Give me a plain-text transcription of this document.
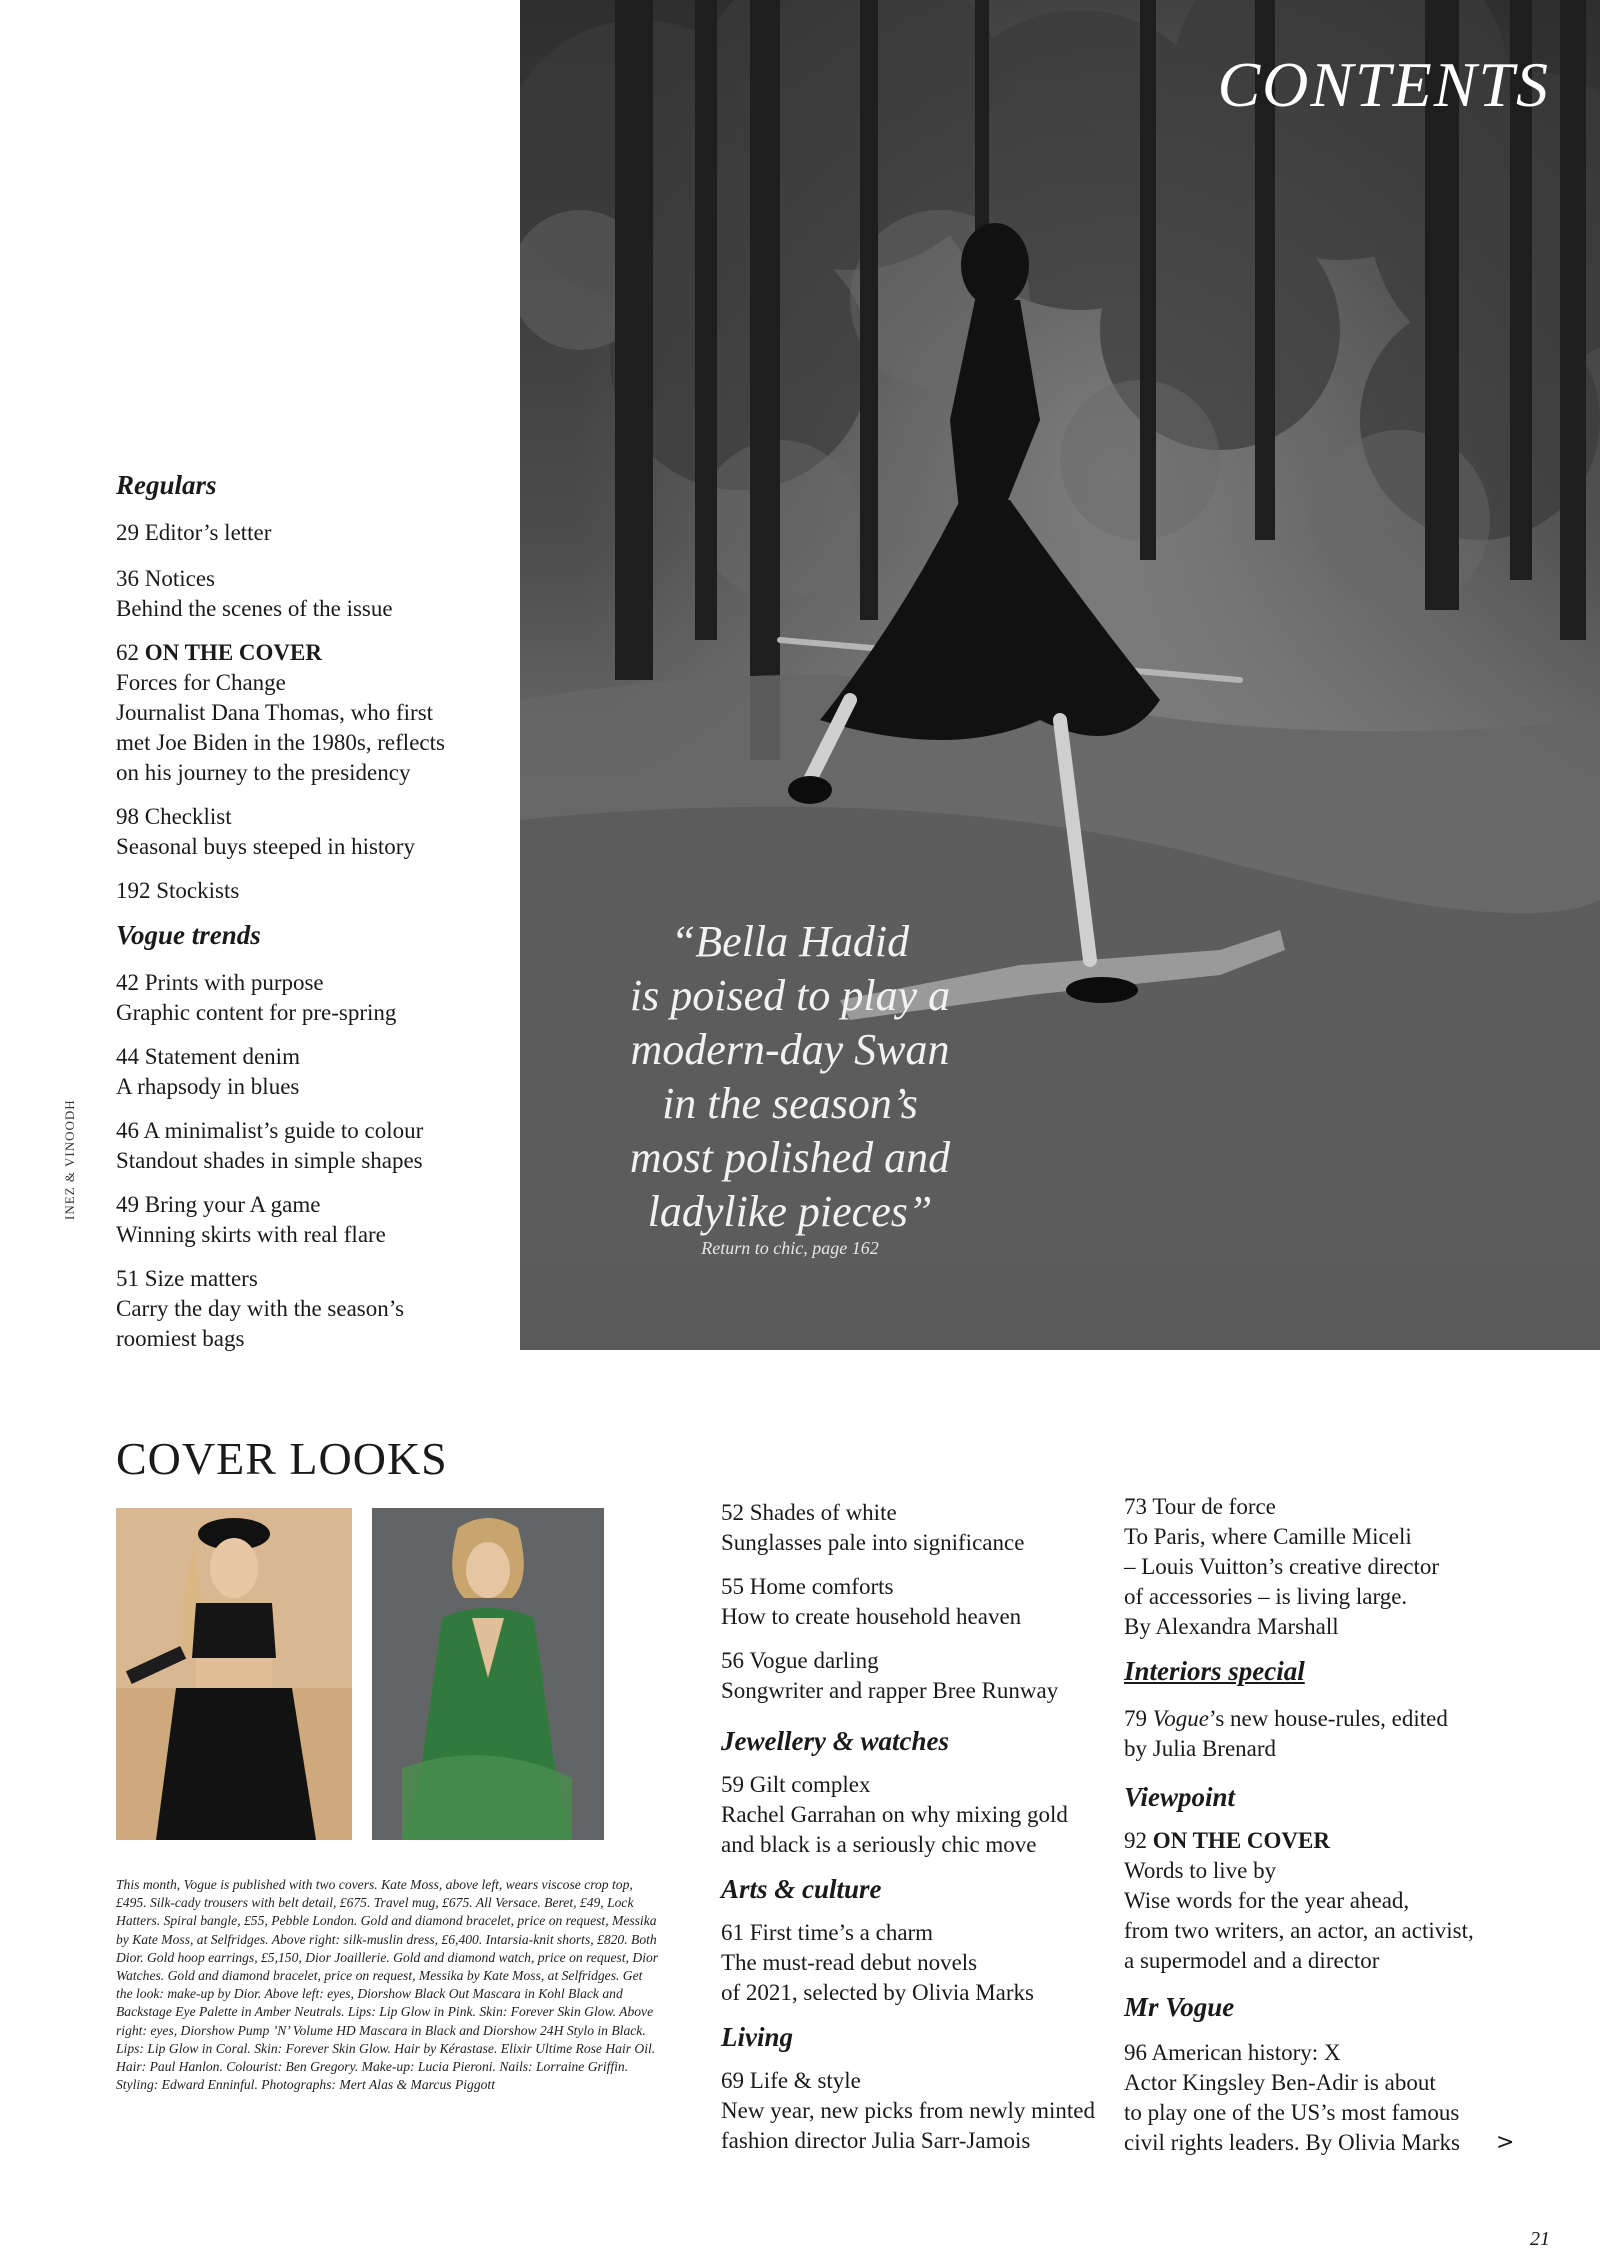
CONTENTS
“Bella Hadid
is poised to play a
modern-day Swan
in the season’s
most polished and
ladylike pieces”
Return to chic, page 162
INEZ & VINOODH
Regulars
29 Editor’s letter
36 Notices
Behind the scenes of the issue
62 ON THE COVER
Forces for Change
Journalist Dana Thomas, who first
met Joe Biden in the 1980s, reflects
on his journey to the presidency
98 Checklist
Seasonal buys steeped in history
192 Stockists
Vogue trends
42 Prints with purpose
Graphic content for pre-spring
44 Statement denim
A rhapsody in blues
46 A minimalist’s guide to colour
Standout shades in simple shapes
49 Bring your A game
Winning skirts with real flare
51 Size matters
Carry the day with the season’s
roomiest bags
COVER LOOKS
This month, Vogue is published with two covers. Kate Moss, above left, wears viscose crop top, £495. Silk-cady trousers with belt detail, £675. Travel mug, £675. All Versace. Beret, £49, Lock Hatters. Spiral bangle, £55, Pebble London. Gold and diamond bracelet, price on request, Messika by Kate Moss, at Selfridges. Above right: silk-muslin dress, £6,400. Intarsia-knit shorts, £820. Both Dior. Gold hoop earrings, £5,150, Dior Joaillerie. Gold and diamond watch, price on request, Dior Watches. Gold and diamond bracelet, price on request, Messika by Kate Moss, at Selfridges. Get the look: make-up by Dior. Above left: eyes, Diorshow Black Out Mascara in Kohl Black and Backstage Eye Palette in Amber Neutrals. Lips: Lip Glow in Pink. Skin: Forever Skin Glow. Above right: eyes, Diorshow Pump ’N’ Volume HD Mascara in Black and Diorshow 24H Stylo in Black. Lips: Lip Glow in Coral. Skin: Forever Skin Glow. Hair by Kérastase. Elixir Ultime Rose Hair Oil. Hair: Paul Hanlon. Colourist: Ben Gregory. Make-up: Lucia Pieroni. Nails: Lorraine Griffin. Styling: Edward Enninful. Photographs: Mert Alas & Marcus Piggott
52 Shades of white
Sunglasses pale into significance
55 Home comforts
How to create household heaven
56 Vogue darling
Songwriter and rapper Bree Runway
Jewellery & watches
59 Gilt complex
Rachel Garrahan on why mixing gold
and black is a seriously chic move
Arts & culture
61 First time’s a charm
The must-read debut novels
of 2021, selected by Olivia Marks
Living
69 Life & style
New year, new picks from newly minted
fashion director Julia Sarr-Jamois
73 Tour de force
To Paris, where Camille Miceli
– Louis Vuitton’s creative director
of accessories – is living large.
By Alexandra Marshall
Interiors special
79 Vogue’s new house-rules, edited
by Julia Brenard
Viewpoint
92 ON THE COVER
Words to live by
Wise words for the year ahead,
from two writers, an actor, an activist,
a supermodel and a director
Mr Vogue
96 American history: X
Actor Kingsley Ben-Adir is about
to play one of the US’s most famous
civil rights leaders. By Olivia Marks	>
21
